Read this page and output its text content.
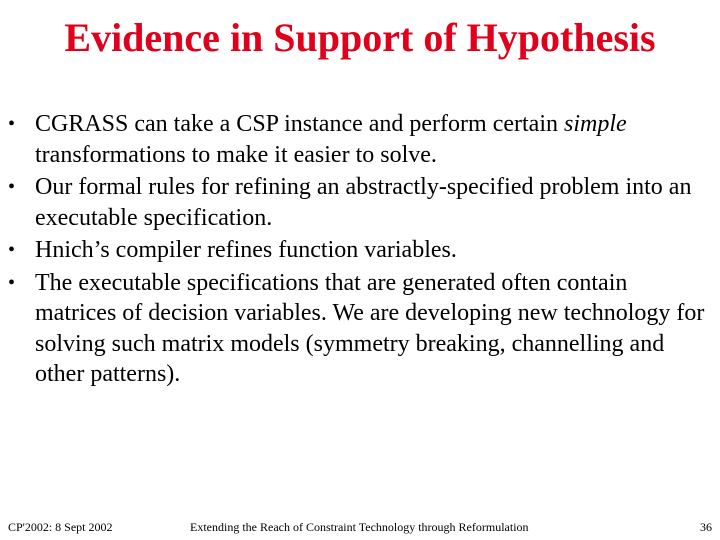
Evidence in Support of Hypothesis
• CGRASS can take a CSP instance and perform certain simple transformations to make it easier to solve.
• Our formal rules for refining an abstractly-specified problem into an executable specification.
• Hnich’s compiler refines function variables.
• The executable specifications that are generated often contain matrices of decision variables. We are developing new technology for solving such matrix models (symmetry breaking, channelling and other patterns).
CP'2002: 8 Sept 2002	Extending the Reach of Constraint Technology through Reformulation	36
